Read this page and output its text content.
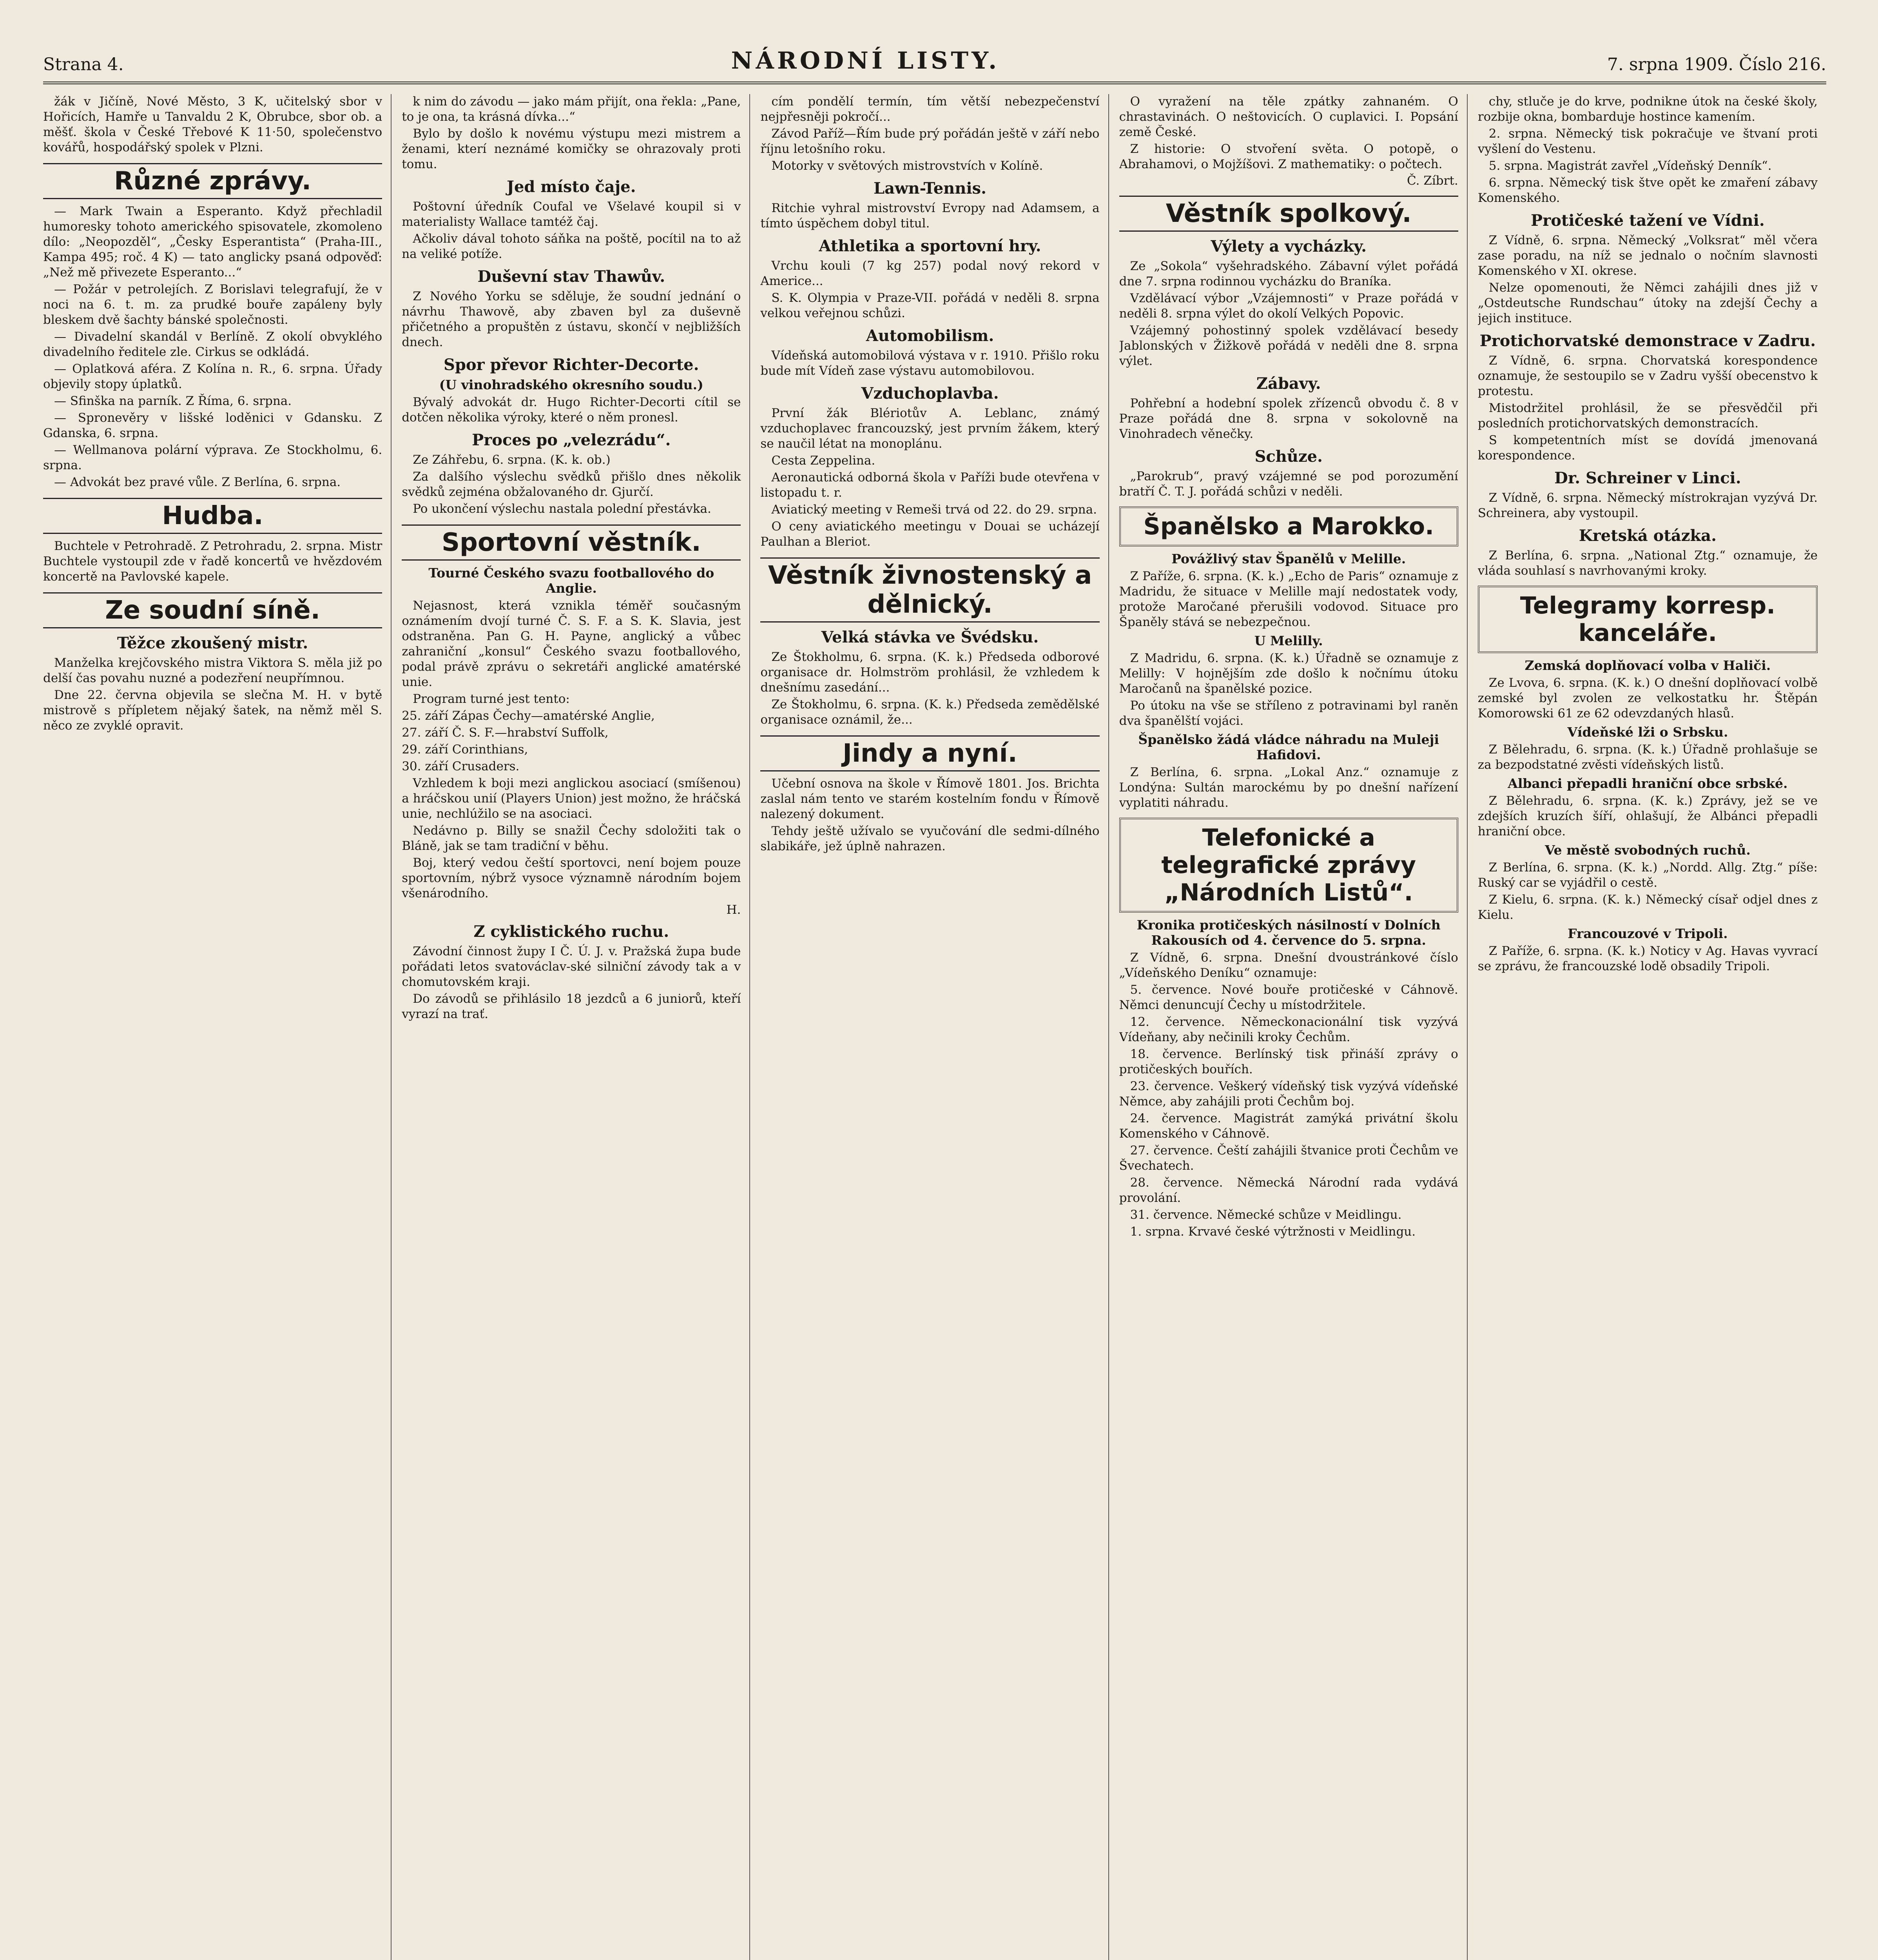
Strana 4.	NÁRODNÍ LISTY.	7. srpna 1909. Číslo 216.

žák v Jičíně, Nové Město, 3 K, učitelský sbor v Hořicích, Hamře u Tanvaldu 2 K, Obrubce, sbor ob. a měšť. škola v České Třebové K 11·50, společenstvo kovářů, hospodářský spolek v Plzni.

Různé zprávy.

— Mark Twain a Esperanto. Když přechladil humoresky tohoto amerického spisovatele, zkomoleno dílo: „Neopozděl“, „Česky Esperantista“ (Praha-III., Kampa 495; roč. 4 K) — tato anglicky psaná odpověď: „Než mě přivezete Esperanto...“

— Požár v petrolejích. Z Borislavi telegrafují, že v noci na 6. t. m. za prudké bouře zapáleny byly bleskem dvě šachty bánské společnosti.

— Divadelní skandál v Berlíně. Z okolí obvyklého divadelního ředitele zle. Cirkus se odkládá.

— Oplatková aféra. Z Kolína n. R., 6. srpna. Úřady objevily stopy úplatků.

— Sfinška na parník. Z Říma, 6. srpna.

— Spronevěry v lišské loděnici v Gdansku. Z Gdanska, 6. srpna.

— Wellmanova polární výprava. Ze Stockholmu, 6. srpna.

— Advokát bez pravé vůle. Z Berlína, 6. srpna.

Hudba.

Buchtele v Petrohradě. Z Petrohradu, 2. srpna. Mistr Buchtele vystoupil zde v řadě koncertů ve hvězdovém koncertě na Pavlovské kapele.

Ze soudní síně.
Těžce zkoušený mistr.

Manželka krejčovského mistra Viktora S. měla již po delší čas povahu nuzné a podezření neupřímnou.

Dne 22. června objevila se slečna M. H. v bytě mistrově s přípletem nějaký šatek, na němž měl S. něco ze zvyklé opravit.

k nim do závodu — jako mám přijít, ona řekla: „Pane, to je ona, ta krásná dívka...“

Bylo by došlo k novému výstupu mezi mistrem a ženami, kterí neznámé komičky se ohrazovaly proti tomu.

Jed místo čaje.

Poštovní úředník Coufal ve Všelavé koupil si v materialisty Wallace tamtéž čaj.

Ačkoliv dával tohoto sáňka na poště, pocítil na to až na veliké potíže.

Duševní stav Thawův.

Z Nového Yorku se sděluje, že soudní jednání o návrhu Thawově, aby zbaven byl za duševně přičetného a propuštěn z ústavu, skončí v nejbližších dnech.

Spor převor Richter-Decorte.
(U vinohradského okresního soudu.)

Bývalý advokát dr. Hugo Richter-Decorti cítil se dotčen několika výroky, které o něm pronesl.

Proces po „velezrádu“.

Ze Záhřebu, 6. srpna. (K. k. ob.)

Za dalšího výslechu svědků přišlo dnes několik svědků zejména obžalovaného dr. Gjurčí.

Po ukončení výslechu nastala polední přestávka.

Sportovní věstník.
Tourné Českého svazu footballového do Anglie.

Nejasnost, která vznikla téměř současným oznámením dvojí turné Č. S. F. a S. K. Slavia, jest odstraněna. Pan G. H. Payne, anglický a vůbec zahraniční „konsul“ Českého svazu footballového, podal právě zprávu o sekretáři anglické amatérské unie.

Program turné jest tento:

25. září Zápas Čechy—amatérské Anglie,

27. září Č. S. F.—hrabství Suffolk,

29. září Corinthians,

30. září Crusaders.

Vzhledem k boji mezi anglickou asociací (smíšenou) a hráčskou unií (Players Union) jest možno, že hráčská unie, nechlúžilo se na asociaci.

Nedávno p. Billy se snažil Čechy sdoložiti tak o Bláně, jak se tam tradiční v běhu.

Boj, který vedou čeští sportovci, není bojem pouze sportovním, nýbrž vysoce významně národním bojem všenárodního.

H.
Z cyklistického ruchu.

Závodní činnost župy I Č. Ú. J. v. Pražská župa bude pořádati letos svatováclav-ské silniční závody tak a v chomutovském kraji.

Do závodů se přihlásilo 18 jezdců a 6 juniorů, kteří vyrazí na trať.

cím pondělí termín, tím větší nebezpečenství nejpřesněji pokročí...

Závod Paříž—Řím bude prý pořádán ještě v září nebo říjnu letošního roku.

Motorky v světových mistrovstvích v Kolíně.

Lawn-Tennis.

Ritchie vyhral mistrovství Evropy nad Adamsem, a tímto úspěchem dobyl titul.

Athletika a sportovní hry.

Vrchu kouli (7 kg 257) podal nový rekord v Americe...

S. K. Olympia v Praze-VII. pořádá v neděli 8. srpna velkou veřejnou schůzi.

Automobilism.

Vídeňská automobilová výstava v r. 1910. Přišlo roku bude mít Vídeň zase výstavu automobilovou.

Vzduchoplavba.

První žák Blériotův A. Leblanc, známý vzduchoplavec francouzský, jest prvním žákem, který se naučil létat na monoplánu.

Cesta Zeppelina.

Aeronautická odborná škola v Paříži bude otevřena v listopadu t. r.

Aviatický meeting v Remeši trvá od 22. do 29. srpna.

O ceny aviatického meetingu v Douai se ucházejí Paulhan a Bleriot.

Věstník živnostenský a dělnický.
Velká stávka ve Švédsku.

Ze Štokholmu, 6. srpna. (K. k.) Předseda odborové organisace dr. Holmström prohlásil, že vzhledem k dnešnímu zasedání...

Ze Štokholmu, 6. srpna. (K. k.) Předseda zemědělské organisace oznámil, že...

Jindy a nyní.

Učební osnova na škole v Římově 1801. Jos. Brichta zaslal nám tento ve starém kostelním fondu v Římově nalezený dokument.

Tehdy ještě užívalo se vyučování dle sedmi-dílného slabikáře, jež úplně nahrazen.

O vyražení na těle zpátky zahnaném. O chrastavinách. O neštovicích. O cuplavici. I. Popsání země České.

Z historie: O stvoření světa. O potopě, o Abrahamovi, o Mojžíšovi. Z mathematiky: o počtech.

Č. Zíbrt.
Věstník spolkový.
Výlety a vycházky.

Ze „Sokola“ vyšehradského. Zábavní výlet pořádá dne 7. srpna rodinnou vycházku do Braníka.

Vzdělávací výbor „Vzájemnosti“ v Praze pořádá v neděli 8. srpna výlet do okolí Velkých Popovic.

Vzájemný pohostinný spolek vzdělávací besedy Jablonských v Žižkově pořádá v neděli dne 8. srpna výlet.

Zábavy.

Pohřební a hodební spolek zřízenců obvodu č. 8 v Praze pořádá dne 8. srpna v sokolovně na Vinohradech věnečky.

Schůze.

„Parokrub“, pravý vzájemné se pod porozumění bratří Č. T. J. pořádá schůzi v neděli.

Španělsko a Marokko.
Povážlivý stav Španělů v Melille.

Z Paříže, 6. srpna. (K. k.) „Echo de Paris“ oznamuje z Madridu, že situace v Melille mají nedostatek vody, protože Maročané přerušili vodovod. Situace pro Španěly stává se nebezpečnou.

U Melilly.

Z Madridu, 6. srpna. (K. k.) Úřadně se oznamuje z Melilly: V hojnějším zde došlo k nočnímu útoku Maročanů na španělské pozice.

Po útoku na vše se stříleno z potravinami byl raněn dva španělští vojáci.

Španělsko žádá vládce náhradu na Muleji Hafidovi.

Z Berlína, 6. srpna. „Lokal Anz.“ oznamuje z Londýna: Sultán marockému by po dnešní nařízení vyplatiti náhradu.

Telefonické a telegrafické zprávy „Národních Listů“.
Kronika protičeských násilností v Dolních Rakousích od 4. července do 5. srpna.

Z Vídně, 6. srpna. Dnešní dvoustránkové číslo „Vídeňského Deníku“ oznamuje:

5. července. Nové bouře protičeské v Cáhnově. Němci denuncují Čechy u místodržitele.

12. července. Německonacionální tisk vyzývá Vídeňany, aby nečinili kroky Čechům.

18. července. Berlínský tisk přináší zprávy o protičeských bouřích.

23. července. Veškerý vídeňský tisk vyzývá vídeňské Němce, aby zahájili proti Čechům boj.

24. července. Magistrát zamýká privátní školu Komenského v Cáhnově.

27. července. Čeští zahájili štvanice proti Čechům ve Švechatech.

28. července. Německá Národní rada vydává provolání.

31. července. Německé schůze v Meidlingu.

1. srpna. Krvavé české výtržnosti v Meidlingu.

chy, stluče je do krve, podnikne útok na české školy, rozbije okna, bombarduje hostince kamením.

2. srpna. Německý tisk pokračuje ve štvaní proti vyšlení do Vestenu.

5. srpna. Magistrát zavřel „Vídeňský Denník“.

6. srpna. Německý tisk štve opět ke zmaření zábavy Komenského.

Protičeské tažení ve Vídni.

Z Vídně, 6. srpna. Německý „Volksrat“ měl včera zase poradu, na níž se jednalo o nočním slavnosti Komenského v XI. okrese.

Nelze opomenouti, že Němci zahájili dnes již v „Ostdeutsche Rundschau“ útoky na zdejší Čechy a jejich instituce.

Protichorvatské demonstrace v Zadru.

Z Vídně, 6. srpna. Chorvatská korespondence oznamuje, že sestoupilo se v Zadru vyšší obecenstvo k protestu.

Mistodržitel prohlásil, že se přesvědčil při posledních protichorvatských demonstracích.

S kompetentních míst se dovídá jmenovaná korespondence.

Dr. Schreiner v Linci.

Z Vídně, 6. srpna. Německý místrokrajan vyzývá Dr. Schreinera, aby vystoupil.

Kretská otázka.

Z Berlína, 6. srpna. „National Ztg.“ oznamuje, že vláda souhlasí s navrhovanými kroky.

Telegramy korresp. kanceláře.
Zemská doplňovací volba v Haliči.

Ze Lvova, 6. srpna. (K. k.) O dnešní doplňovací volbě zemské byl zvolen ze velkostatku hr. Štěpán Komorowski 61 ze 62 odevzdaných hlasů.

Vídeňské lži o Srbsku.

Z Bělehradu, 6. srpna. (K. k.) Úřadně prohlašuje se za bezpodstatné zvěsti vídeňských listů.

Albanci přepadli hraniční obce srbské.

Z Bělehradu, 6. srpna. (K. k.) Zprávy, jež se ve zdejších kruzích šíří, ohlašují, že Albánci přepadli hraniční obce.

Ve městě svobodných ruchů.

Z Berlína, 6. srpna. (K. k.) „Nordd. Allg. Ztg.“ píše: Ruský car se vyjádřil o cestě.

Z Kielu, 6. srpna. (K. k.) Německý císař odjel dnes z Kielu.

Francouzové v Tripoli.

Z Paříže, 6. srpna. (K. k.) Noticy v Ag. Havas vyvrací se zprávu, že francouzské lodě obsadily Tripoli.
